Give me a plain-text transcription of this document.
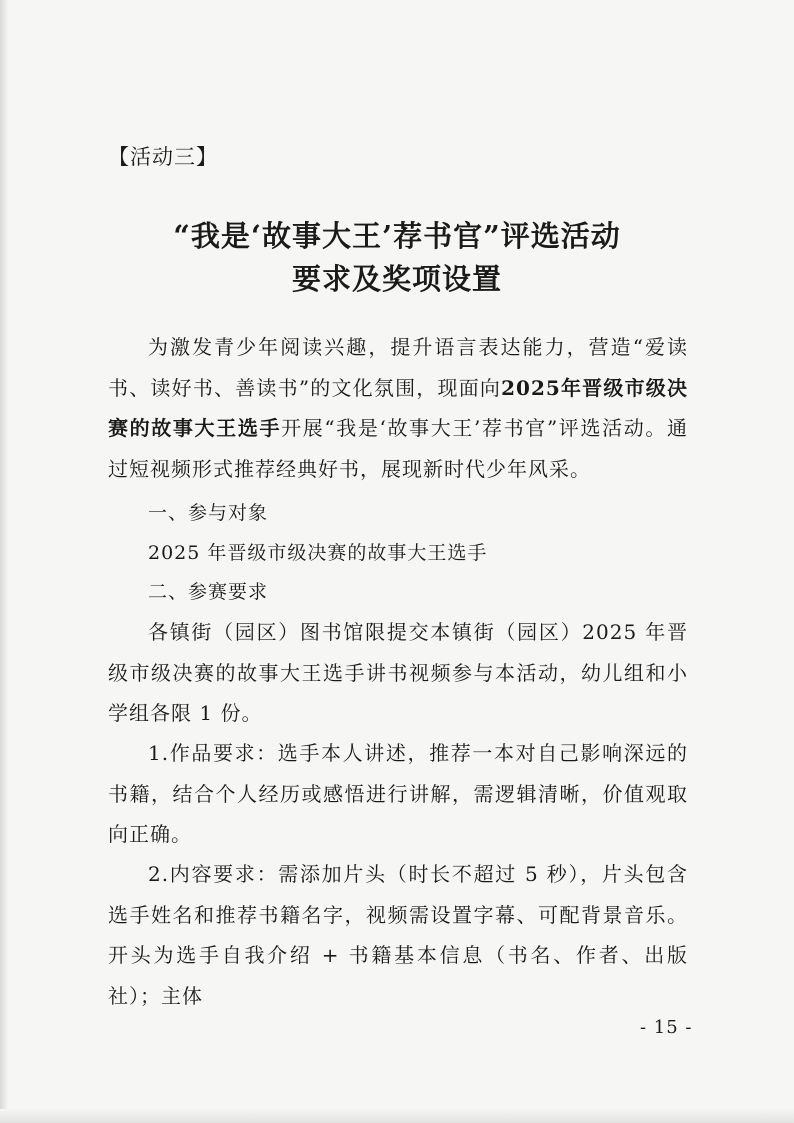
【活动三】
“我是‘故事大王’荐书官”评选活动
要求及奖项设置
为激发青少年阅读兴趣，提升语言表达能力，营造“爱读书、读好书、善读书”的文化氛围，现面向2025年晋级市级决赛的故事大王选手开展“我是‘故事大王’荐书官”评选活动。通过短视频形式推荐经典好书，展现新时代少年风采。
一、参与对象
2025 年晋级市级决赛的故事大王选手
二、参赛要求
各镇街（园区）图书馆限提交本镇街（园区）2025 年晋级市级决赛的故事大王选手讲书视频参与本活动，幼儿组和小学组各限 1 份。
1.作品要求：选手本人讲述，推荐一本对自己影响深远的书籍，结合个人经历或感悟进行讲解，需逻辑清晰，价值观取向正确。
2.内容要求：需添加片头（时长不超过 5 秒），片头包含选手姓名和推荐书籍名字，视频需设置字幕、可配背景音乐。开头为选手自我介绍 + 书籍基本信息（书名、作者、出版社）；主体
- 15 -
